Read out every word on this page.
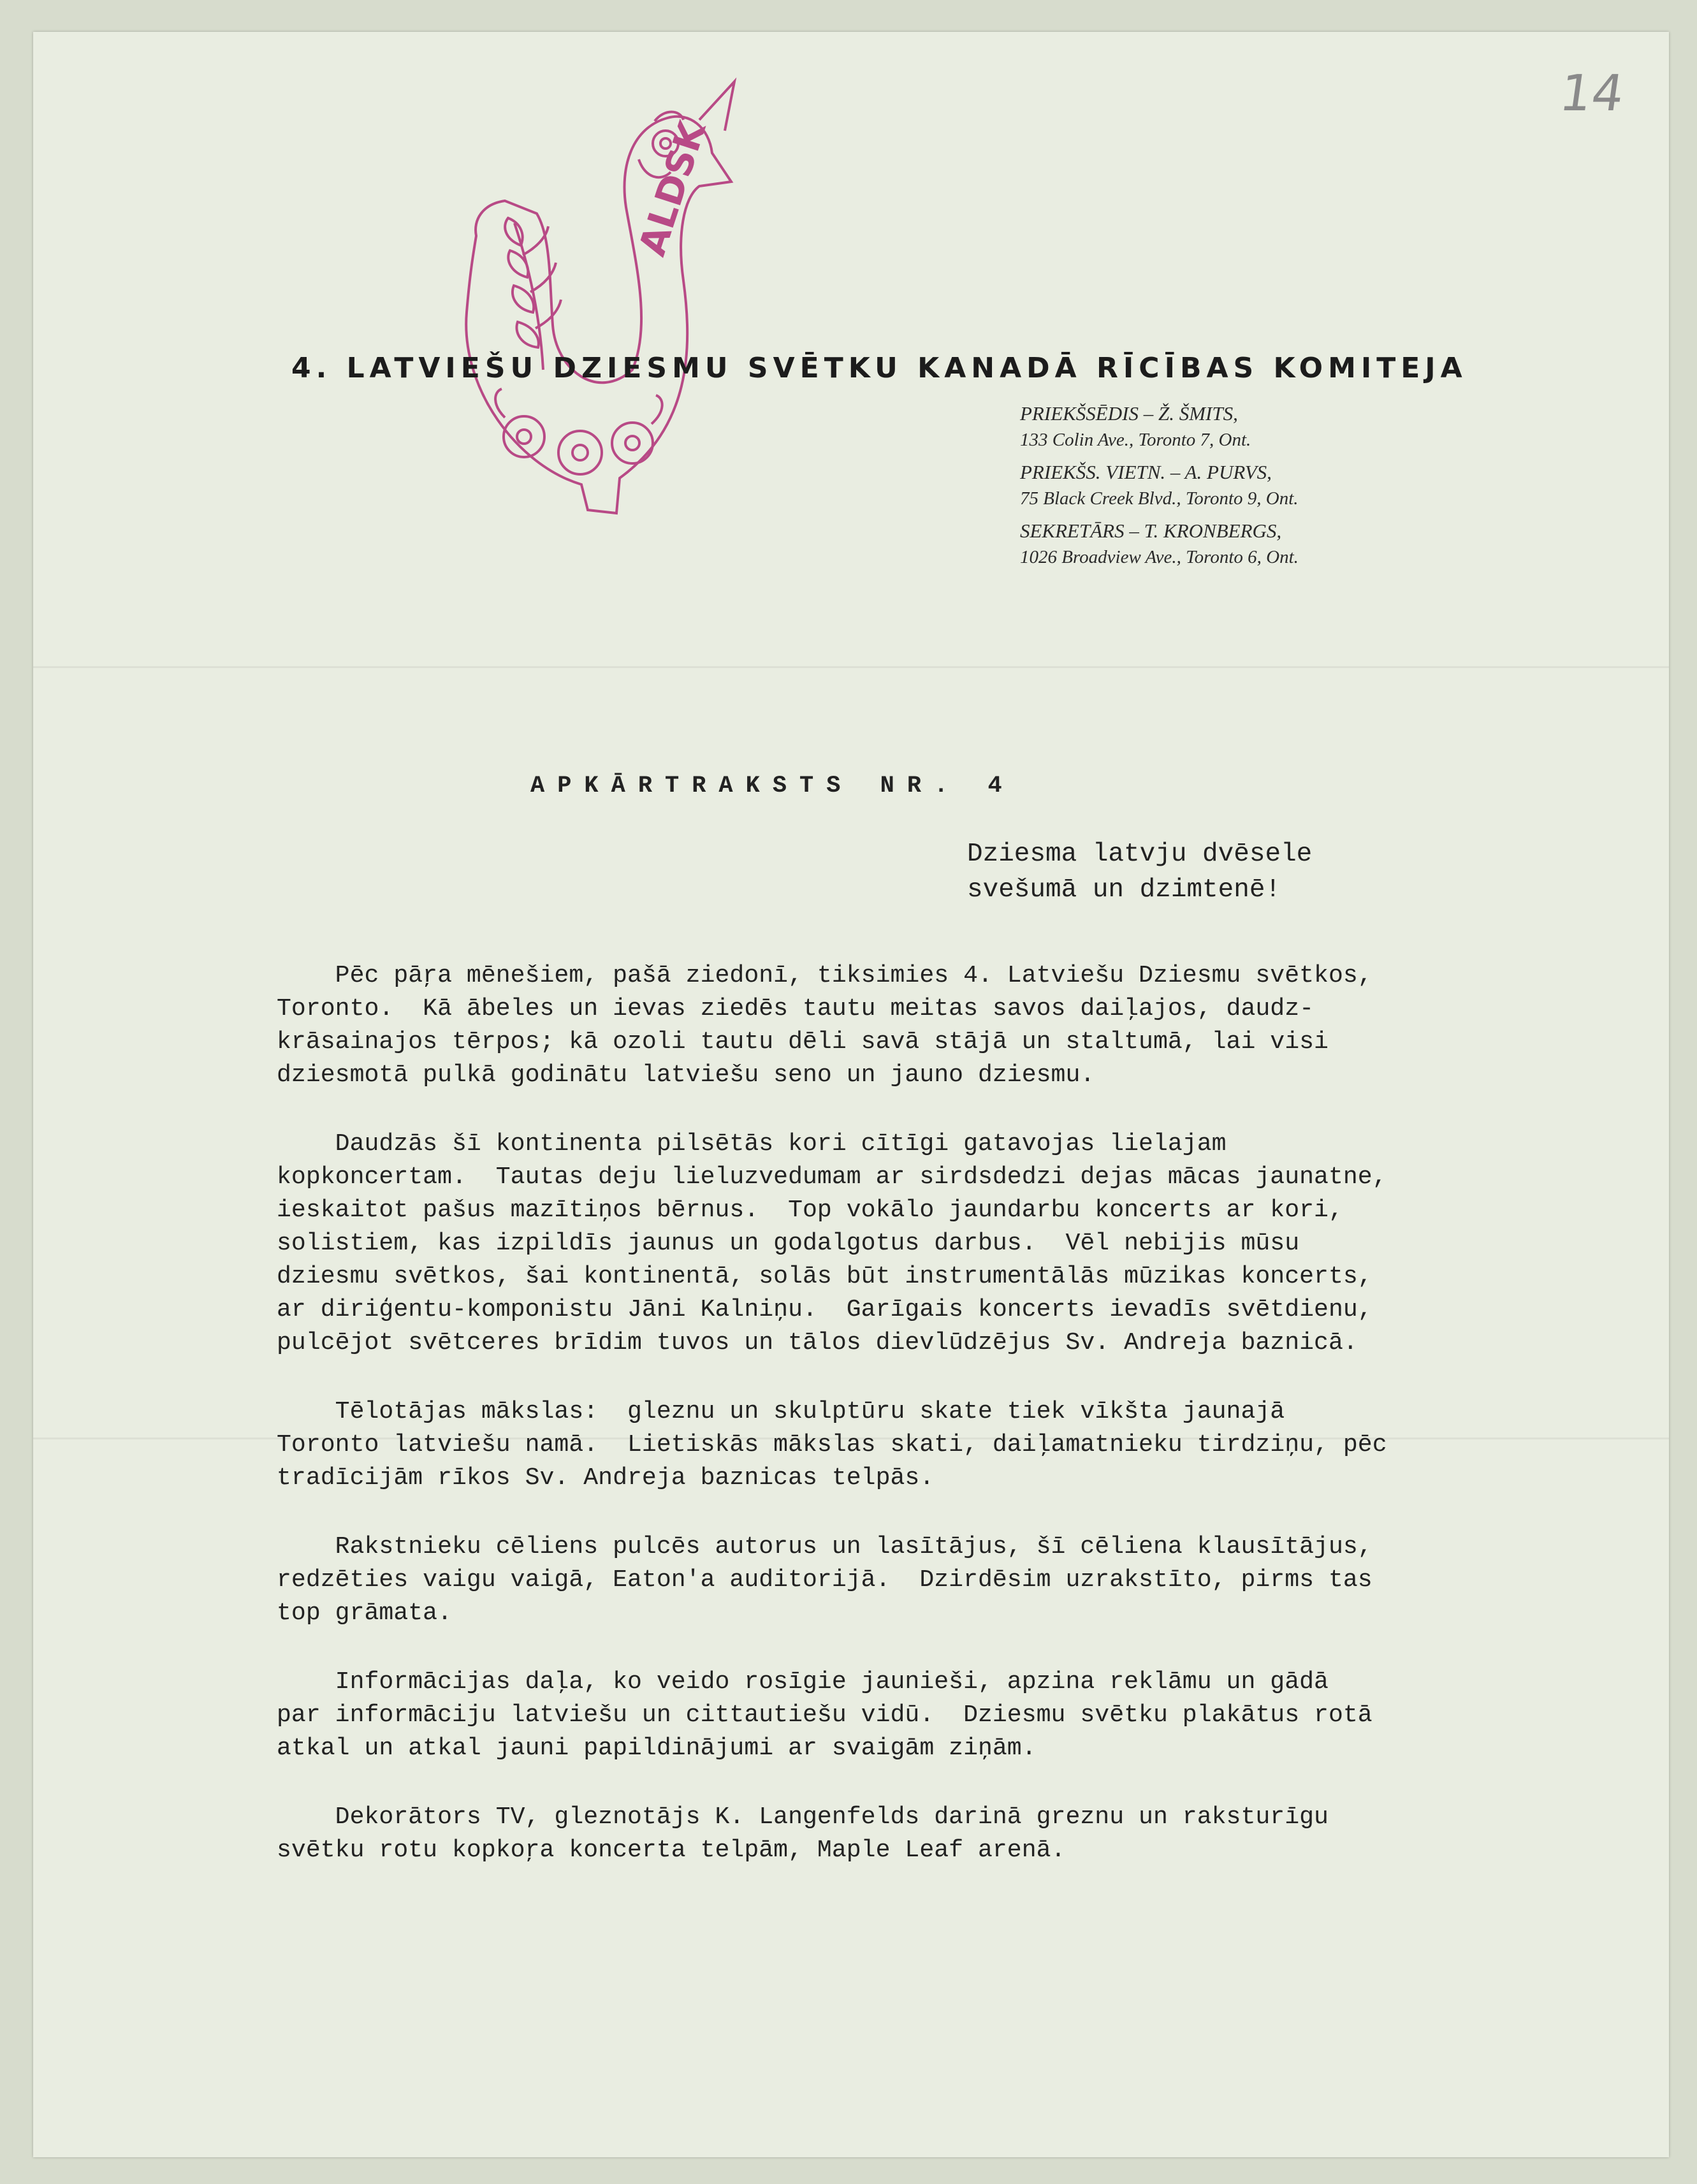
14
ALDSK
4. LATVIEŠU DZIESMU SVĒTKU KANADĀ RĪCĪBAS KOMITEJA
PRIEKŠSĒDIS – Ž. ŠMITS,
133 Colin Ave., Toronto 7, Ont.
PRIEKŠS. VIETN. – A. PURVS,
75 Black Creek Blvd., Toronto 9, Ont.
SEKRETĀRS – T. KRONBERGS,
1026 Broadview Ave., Toronto 6, Ont.
APKĀRTRAKSTS NR. 4
Dziesma latvju dvēsele
svešumā un dzimtenē!

Pēc pāŗa mēnešiem, pašā ziedonī, tiksimies 4. Latviešu Dziesmu svētkos,
Toronto.  Kā ābeles un ievas ziedēs tautu meitas savos daiļajos, daudz-
krāsainajos tērpos; kā ozoli tautu dēli savā stājā un staltumā, lai visi
dziesmotā pulkā godinātu latviešu seno un jauno dziesmu.

Daudzās šī kontinenta pilsētās kori cītīgi gatavojas lielajam
kopkoncertam.  Tautas deju lieluzvedumam ar sirdsdedzi dejas mācas jaunatne,
ieskaitot pašus mazītiņos bērnus.  Top vokālo jaundarbu koncerts ar kori,
solistiem, kas izpildīs jaunus un godalgotus darbus.  Vēl nebijis mūsu
dziesmu svētkos, šai kontinentā, solās būt instrumentālās mūzikas koncerts,
ar diriģentu-komponistu Jāni Kalniņu.  Garīgais koncerts ievadīs svētdienu,
pulcējot svētceres brīdim tuvos un tālos dievlūdzējus Sv. Andreja baznicā.

Tēlotājas mākslas:  gleznu un skulptūru skate tiek vīkšta jaunajā
Toronto latviešu namā.  Lietiskās mākslas skati, daiļamatnieku tirdziņu, pēc
tradīcijām rīkos Sv. Andreja baznicas telpās.

Rakstnieku cēliens pulcēs autorus un lasītājus, šī cēliena klausītājus,
redzēties vaigu vaigā, Eaton'a auditorijā.  Dzirdēsim uzrakstīto, pirms tas
top grāmata.

Informācijas daļa, ko veido rosīgie jaunieši, apzina reklāmu un gādā
par informāciju latviešu un cittautiešu vidū.  Dziesmu svētku plakātus rotā
atkal un atkal jauni papildinājumi ar svaigām ziņām.

Dekorātors TV, gleznotājs K. Langenfelds darinā greznu un raksturīgu
svētku rotu kopkoŗa koncerta telpām, Maple Leaf arenā.
